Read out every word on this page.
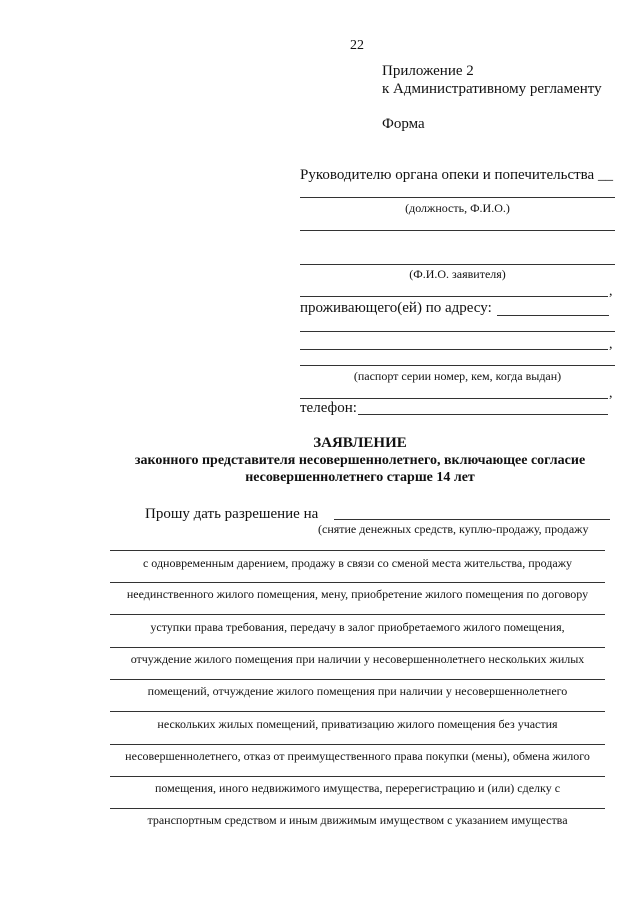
22
Приложение 2
к Административному регламенту
Форма
Руководителю органа опеки и попечительства __
(должность, Ф.И.О.)
(Ф.И.О. заявителя)
,
проживающего(ей) по адресу:
,
(паспорт серии номер, кем, когда выдан)
,
телефон:
ЗАЯВЛЕНИЕ
законного представителя несовершеннолетнего, включающее согласие
несовершеннолетнего старше 14 лет
Прошу дать разрешение на
(снятие денежных средств, куплю-продажу, продажу
с одновременным дарением, продажу в связи со сменой места жительства, продажу
неединственного жилого помещения, мену, приобретение жилого помещения по договору
уступки права требования, передачу в залог приобретаемого жилого помещения,
отчуждение жилого помещения при наличии у несовершеннолетнего нескольких жилых
помещений, отчуждение жилого помещения при наличии у несовершеннолетнего
нескольких жилых помещений, приватизацию жилого помещения без участия
несовершеннолетнего, отказ от преимущественного права покупки (мены), обмена жилого
помещения, иного недвижимого имущества, перерегистрацию и (или) сделку с
транспортным средством и иным движимым имуществом с указанием имущества
